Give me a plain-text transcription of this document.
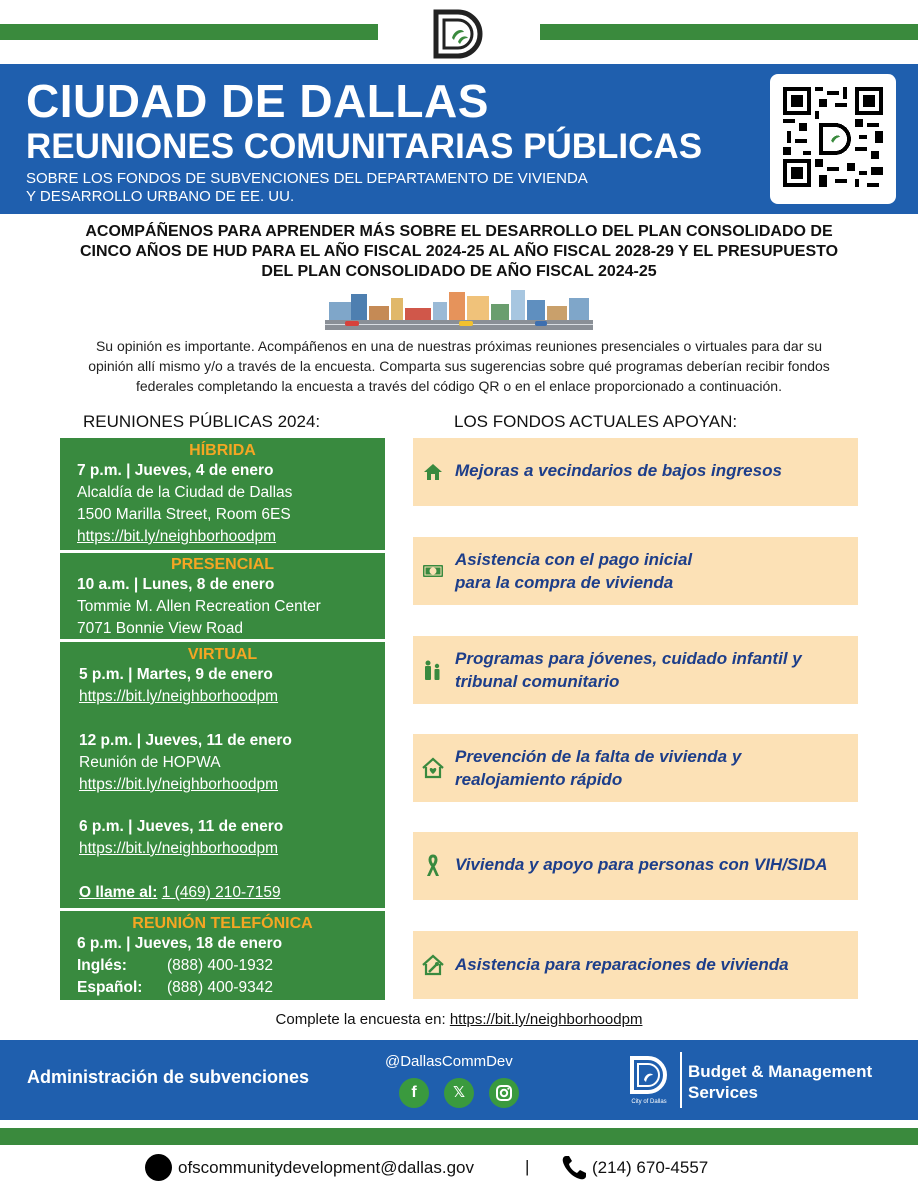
CIUDAD DE DALLAS
REUNIONES COMUNITARIAS PÚBLICAS
SOBRE LOS FONDOS DE SUBVENCIONES DEL DEPARTAMENTO DE VIVIENDA
Y DESARROLLO URBANO DE EE. UU.
ACOMPÁÑENOS PARA APRENDER MÁS SOBRE EL DESARROLLO DEL PLAN CONSOLIDADO DE
CINCO AÑOS DE HUD PARA EL AÑO FISCAL 2024-25 AL AÑO FISCAL 2028-29 Y EL PRESUPUESTO
DEL PLAN CONSOLIDADO DE AÑO FISCAL 2024-25
Su opinión es importante. Acompáñenos en una de nuestras próximas reuniones presenciales o virtuales para dar su
opinión allí mismo y/o a través de la encuesta. Comparta sus sugerencias sobre qué programas deberían recibir fondos
federales completando la encuesta a través del código QR o en el enlace proporcionado a continuación.
REUNIONES PÚBLICAS 2024:	LOS FONDOS ACTUALES APOYAN:
HÍBRIDA
7 p.m. | Jueves, 4 de enero
Alcaldía de la Ciudad de Dallas
1500 Marilla Street, Room 6ES
https://bit.ly/neighborhoodpm
PRESENCIAL
10 a.m. | Lunes, 8 de enero
Tommie M. Allen Recreation Center
7071 Bonnie View Road
VIRTUAL
5 p.m. | Martes, 9 de enero
https://bit.ly/neighborhoodpm
12 p.m. | Jueves, 11 de enero
Reunión de HOPWA
https://bit.ly/neighborhoodpm
6 p.m. | Jueves, 11 de enero
https://bit.ly/neighborhoodpm
O llame al: 1 (469) 210-7159
REUNIÓN TELEFÓNICA
6 p.m. | Jueves, 18 de enero
Inglés:	(888) 400-1932
Español: (888) 400-9342
Mejoras a vecindarios de bajos ingresos
Asistencia con el pago inicial
para la compra de vivienda
Programas para jóvenes, cuidado infantil y
tribunal comunitario
Prevención de la falta de vivienda y
realojamiento rápido
Vivienda y apoyo para personas con VIH/SIDA
Asistencia para reparaciones de vivienda
Complete la encuesta en: https://bit.ly/neighborhoodpm
Administración de subvenciones
@DallasCommDev
f	𝕏
City of Dallas
Budget & Management
Services
ofscommunitydevelopment@dallas.gov	|	(214) 670-4557
